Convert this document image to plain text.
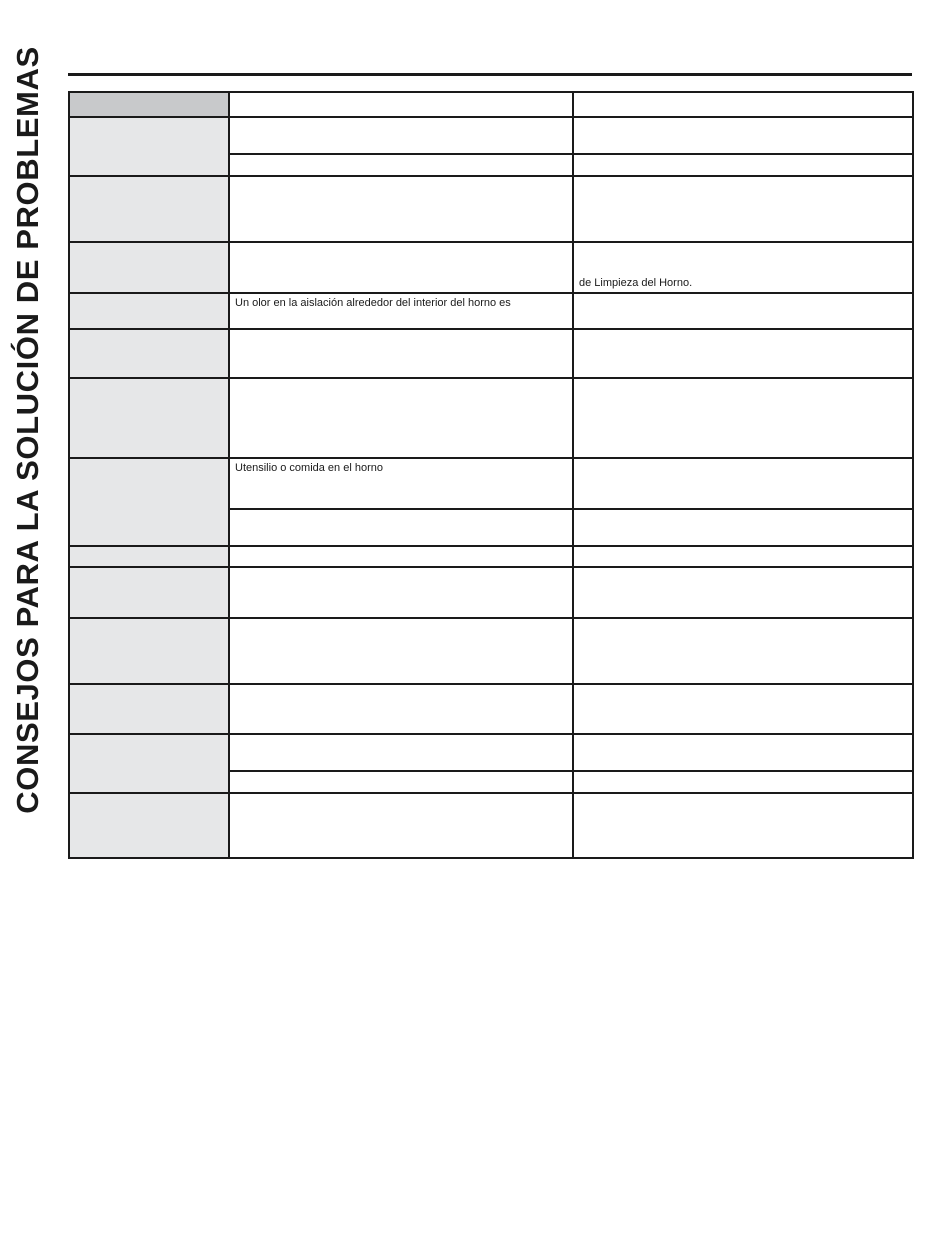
CONSEJOS PARA LA SOLUCIÓN DE PROBLEMAS

		de Limpieza del Horno.

	Un olor en la aislación alrededor del interior del horno es	

	Utensilio o comida en el horno	
